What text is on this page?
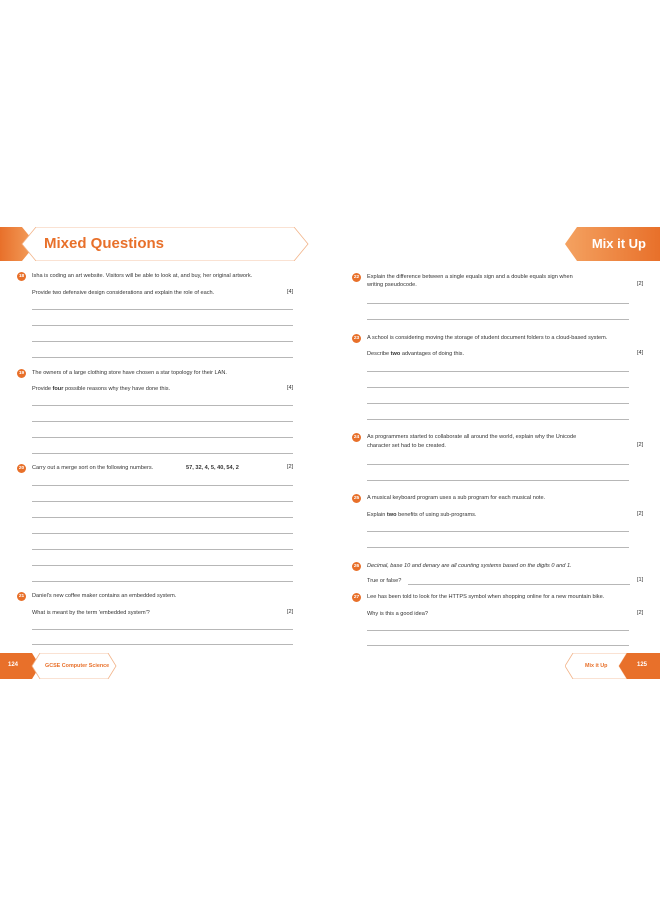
Mixed Questions	Mix it Up
18	Isha is coding an art website. Visitors will be able to look at, and buy, her original artwork.
Provide two defensive design considerations and explain the role of each.	[4]
19	The owners of a large clothing store have chosen a star topology for their LAN.
Provide four possible reasons why they have done this.	[4]
20	Carry out a merge sort on the following numbers.	57, 32, 4, 5, 40, 54, 2	[2]
21	Daniel's new coffee maker contains an embedded system.
What is meant by the term 'embedded system'?	[2]
22	Explain the difference between a single equals sign and a double equals sign when
writing pseudocode.	[2]
23	A school is considering moving the storage of student document folders to a cloud-based system.
Describe two advantages of doing this.	[4]
24	As programmers started to collaborate all around the world, explain why the Unicode
character set had to be created.	[2]
25	A musical keyboard program uses a sub program for each musical note.
Explain two benefits of using sub-programs.	[2]
26	Decimal, base 10 and denary are all counting systems based on the digits 0 and 1.
True or false?	[1]
27	Lee has been told to look for the HTTPS symbol when shopping online for a new mountain bike.
Why is this a good idea?	[2]
124	GCSE Computer Science	Mix it Up	125
